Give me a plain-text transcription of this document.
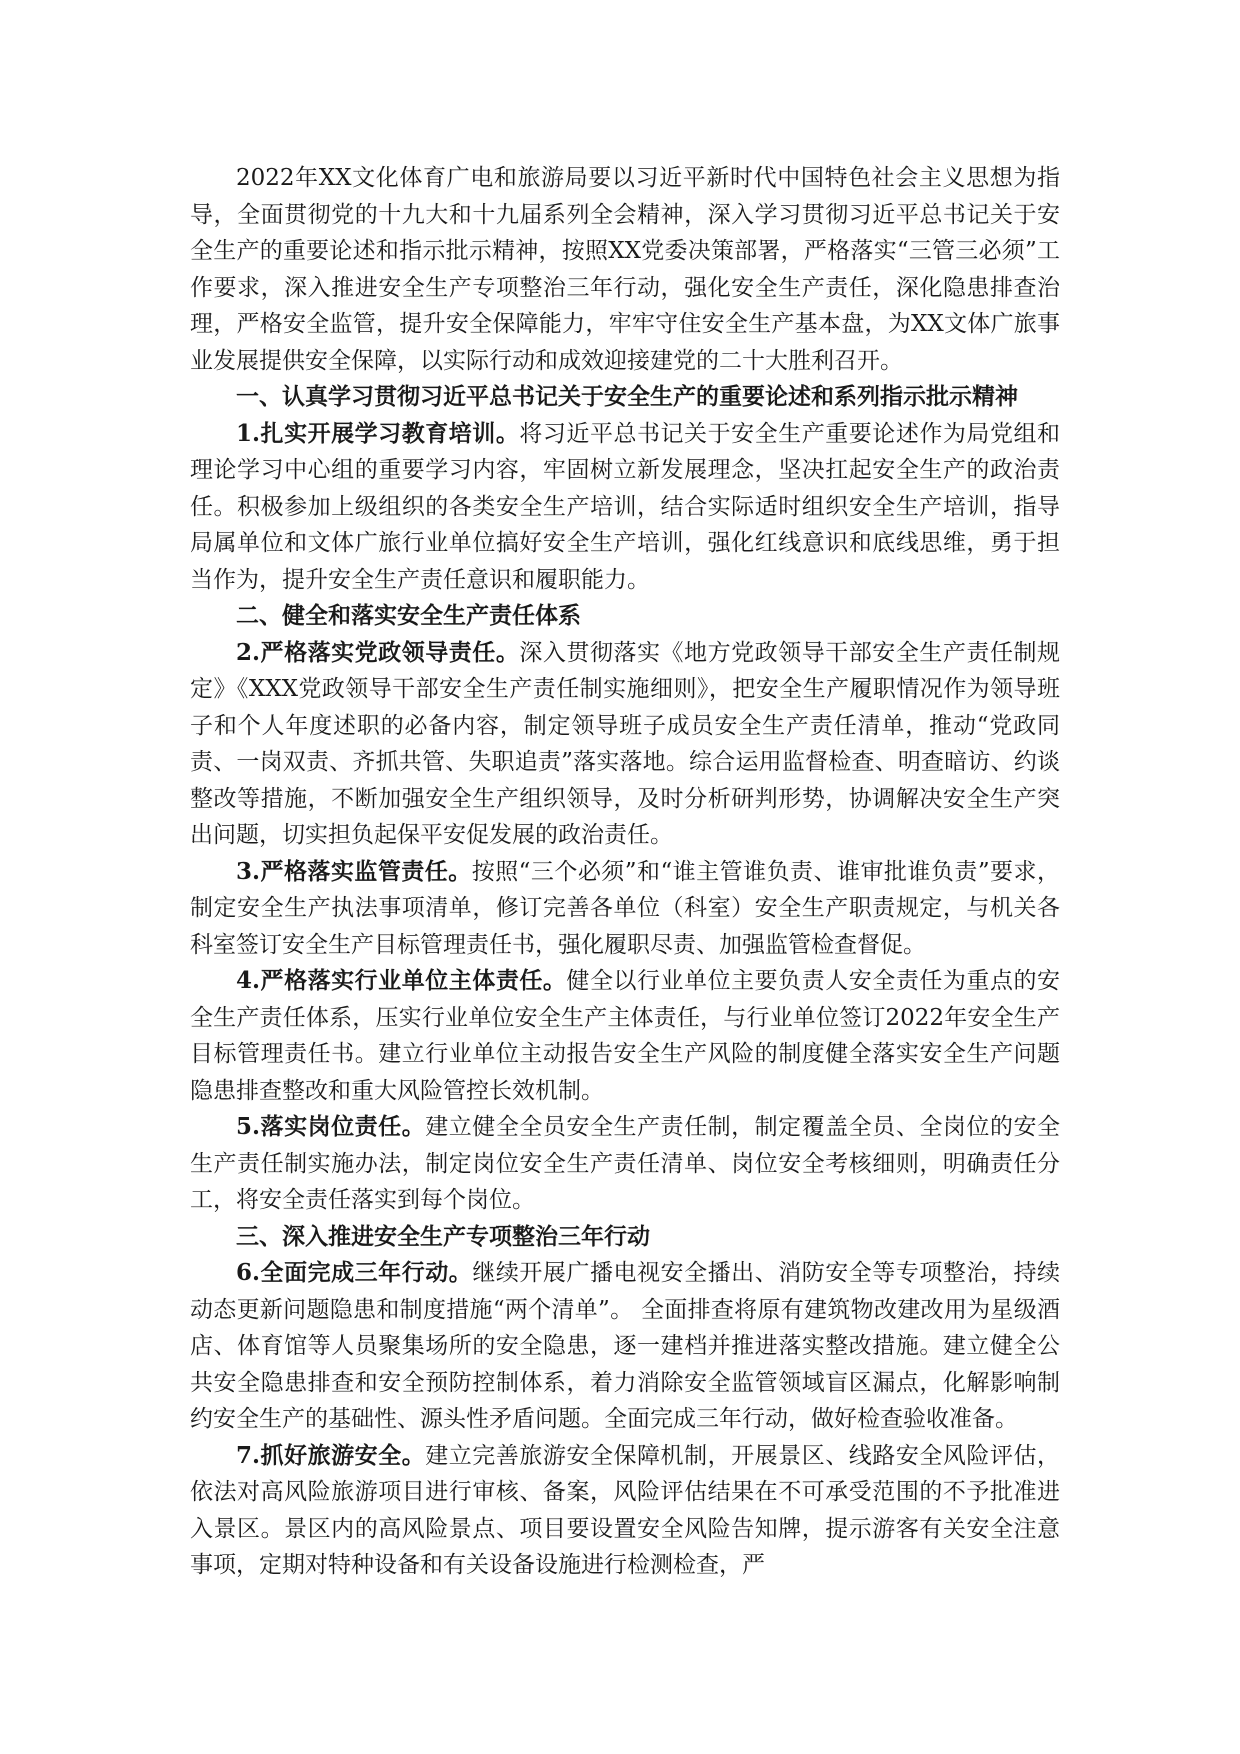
2022年XX文化体育广电和旅游局要以习近平新时代中国特色社会主义思想为指导，全面贯彻党的十九大和十九届系列全会精神，深入学习贯彻习近平总书记关于安全生产的重要论述和指示批示精神，按照XX党委决策部署，严格落实“三管三必须”工作要求，深入推进安全生产专项整治三年行动，强化安全生产责任，深化隐患排查治理，严格安全监管，提升安全保障能力，牢牢守住安全生产基本盘，为XX文体广旅事业发展提供安全保障，以实际行动和成效迎接建党的二十大胜利召开。

一、认真学习贯彻习近平总书记关于安全生产的重要论述和系列指示批示精神

1.扎实开展学习教育培训。将习近平总书记关于安全生产重要论述作为局党组和理论学习中心组的重要学习内容，牢固树立新发展理念，坚决扛起安全生产的政治责任。积极参加上级组织的各类安全生产培训，结合实际适时组织安全生产培训，指导局属单位和文体广旅行业单位搞好安全生产培训，强化红线意识和底线思维，勇于担当作为，提升安全生产责任意识和履职能力。

二、健全和落实安全生产责任体系

2.严格落实党政领导责任。深入贯彻落实《地方党政领导干部安全生产责任制规定》《XXX党政领导干部安全生产责任制实施细则》，把安全生产履职情况作为领导班子和个人年度述职的必备内容，制定领导班子成员安全生产责任清单，推动“党政同责、一岗双责、齐抓共管、失职追责”落实落地。综合运用监督检查、明查暗访、约谈整改等措施，不断加强安全生产组织领导，及时分析研判形势，协调解决安全生产突出问题，切实担负起保平安促发展的政治责任。

3.严格落实监管责任。按照“三个必须”和“谁主管谁负责、谁审批谁负责”要求，制定安全生产执法事项清单，修订完善各单位（科室）安全生产职责规定，与机关各科室签订安全生产目标管理责任书，强化履职尽责、加强监管检查督促。

4.严格落实行业单位主体责任。健全以行业单位主要负责人安全责任为重点的安全生产责任体系，压实行业单位安全生产主体责任，与行业单位签订2022年安全生产目标管理责任书。建立行业单位主动报告安全生产风险的制度健全落实安全生产问题隐患排查整改和重大风险管控长效机制。

5.落实岗位责任。建立健全全员安全生产责任制，制定覆盖全员、全岗位的安全生产责任制实施办法，制定岗位安全生产责任清单、岗位安全考核细则，明确责任分工，将安全责任落实到每个岗位。

三、深入推进安全生产专项整治三年行动

6.全面完成三年行动。继续开展广播电视安全播出、消防安全等专项整治，持续动态更新问题隐患和制度措施“两个清单”。 全面排查将原有建筑物改建改用为星级酒店、体育馆等人员聚集场所的安全隐患，逐一建档并推进落实整改措施。建立健全公共安全隐患排查和安全预防控制体系，着力消除安全监管领域盲区漏点，化解影响制约安全生产的基础性、源头性矛盾问题。全面完成三年行动，做好检查验收准备。

7.抓好旅游安全。建立完善旅游安全保障机制，开展景区、线路安全风险评估，依法对高风险旅游项目进行审核、备案，风险评估结果在不可承受范围的不予批准进入景区。景区内的高风险景点、项目要设置安全风险告知牌，提示游客有关安全注意事项，定期对特种设备和有关设备设施进行检测检查，严
